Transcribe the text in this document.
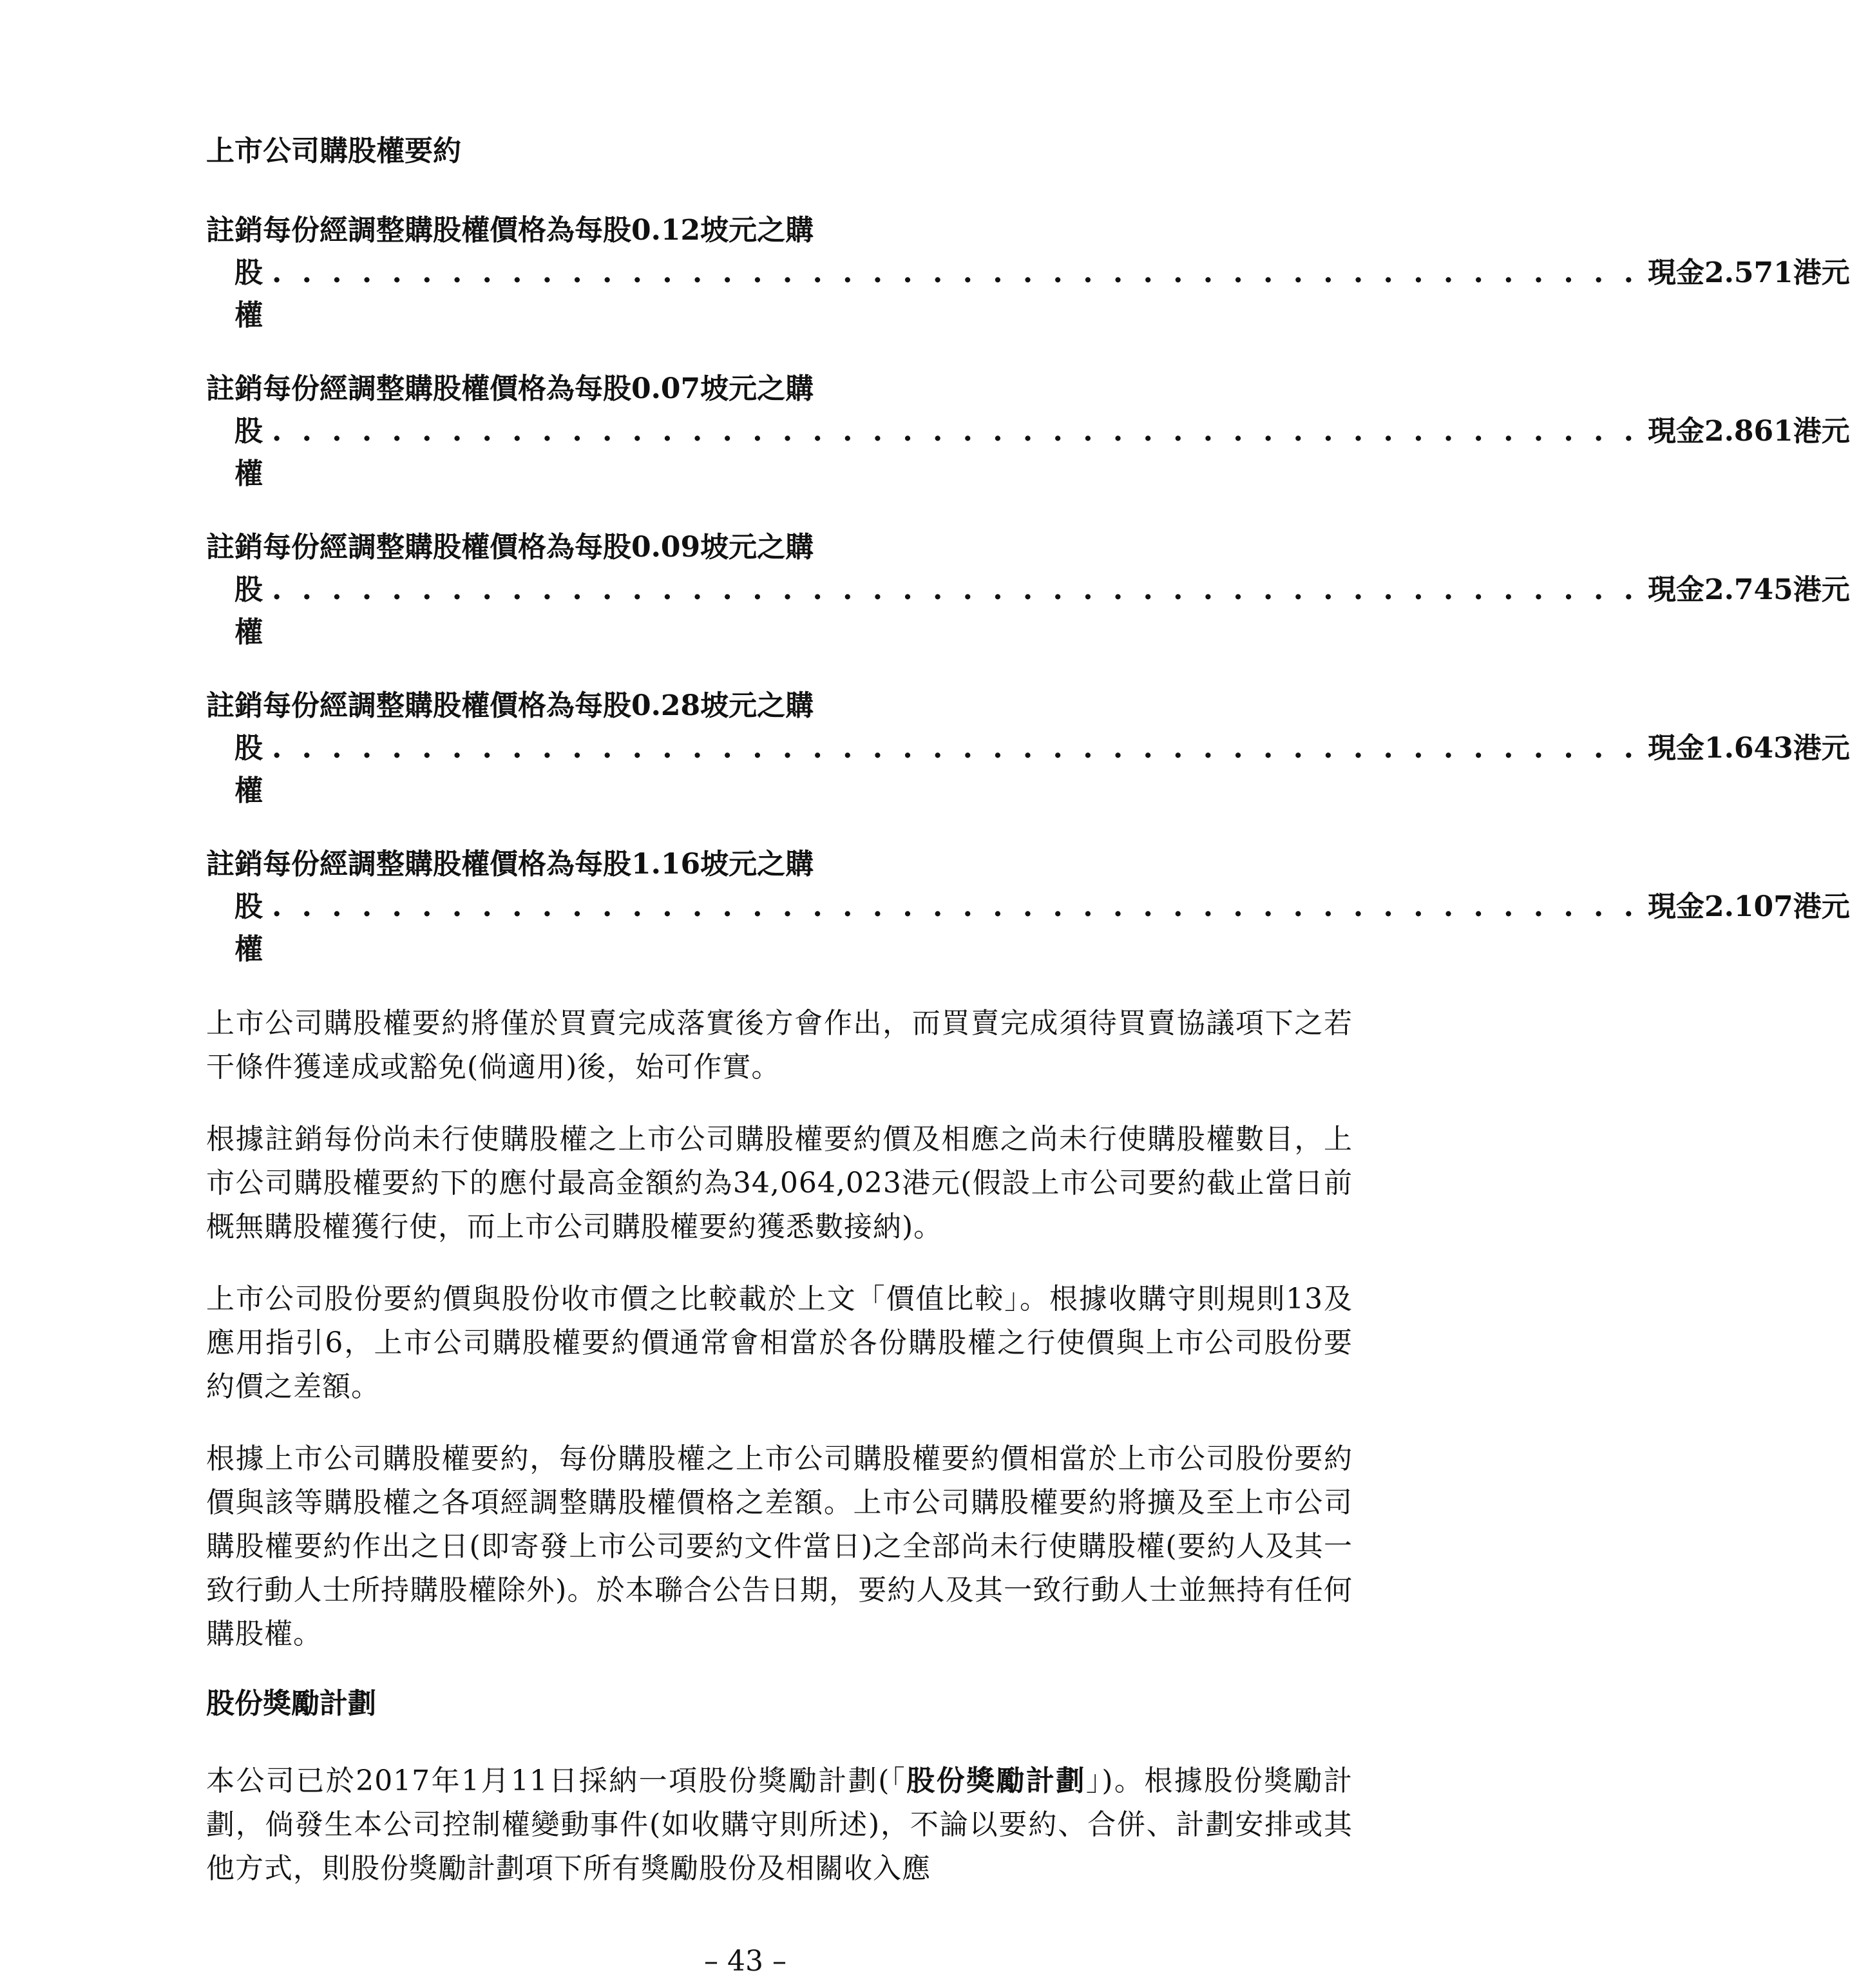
上市公司購股權要約
註銷每份經調整購股權價格為每股0.12坡元之購
股權
. . . . . . . . . . . . . . . . . . . . . . . . . . . . . . . . . . . . . . . . . . . . . . 現金2.571港元
註銷每份經調整購股權價格為每股0.07坡元之購
股權
. . . . . . . . . . . . . . . . . . . . . . . . . . . . . . . . . . . . . . . . . . . . . . 現金2.861港元
註銷每份經調整購股權價格為每股0.09坡元之購
股權
. . . . . . . . . . . . . . . . . . . . . . . . . . . . . . . . . . . . . . . . . . . . . . 現金2.745港元
註銷每份經調整購股權價格為每股0.28坡元之購
股權
. . . . . . . . . . . . . . . . . . . . . . . . . . . . . . . . . . . . . . . . . . . . . . 現金1.643港元
註銷每份經調整購股權價格為每股1.16坡元之購
股權
. . . . . . . . . . . . . . . . . . . . . . . . . . . . . . . . . . . . . . . . . . . . . . 現金2.107港元

上市公司購股權要約將僅於買賣完成落實後方會作出，而買賣完成須待買賣協議項下之若干條件獲達成或豁免(倘適用)後，始可作實。

根據註銷每份尚未行使購股權之上市公司購股權要約價及相應之尚未行使購股權數目，上市公司購股權要約下的應付最高金額約為34,064,023港元(假設上市公司要約截止當日前概無購股權獲行使，而上市公司購股權要約獲悉數接納)。

上市公司股份要約價與股份收市價之比較載於上文「價值比較」。根據收購守則規則13及應用指引6，上市公司購股權要約價通常會相當於各份購股權之行使價與上市公司股份要約價之差額。

根據上市公司購股權要約，每份購股權之上市公司購股權要約價相當於上市公司股份要約價與該等購股權之各項經調整購股權價格之差額。上市公司購股權要約將擴及至上市公司購股權要約作出之日(即寄發上市公司要約文件當日)之全部尚未行使購股權(要約人及其一致行動人士所持購股權除外)。於本聯合公告日期，要約人及其一致行動人士並無持有任何購股權。

股份獎勵計劃

本公司已於2017年1月11日採納一項股份獎勵計劃(「股份獎勵計劃」)。根據股份獎勵計劃，倘發生本公司控制權變動事件(如收購守則所述)，不論以要約、合併、計劃安排或其他方式，則股份獎勵計劃項下所有獎勵股份及相關收入應

– 43 –
